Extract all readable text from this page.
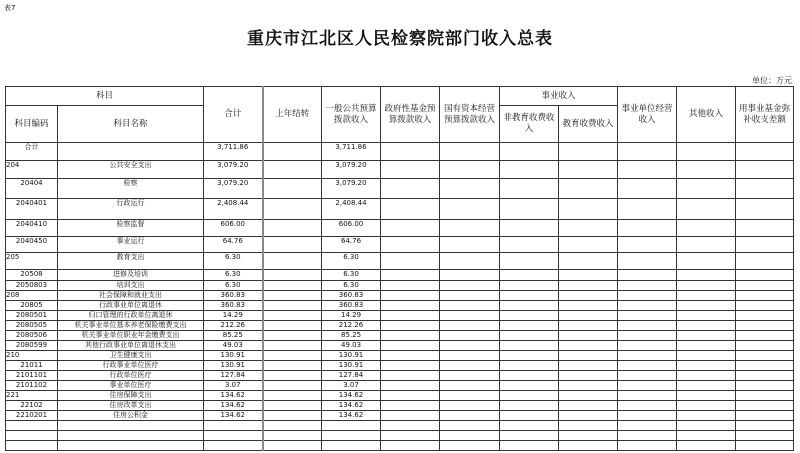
表7
重庆市江北区人民检察院部门收入总表
单位：万元
科目		合计	上年结转	一般公共预算拨款收入	政府性基金预算拨款收入	国有资本经营预算拨款收入	事业收入		事业单位经营收入	其他收入	用事业基金弥补收支差额
科目编码	科目名称						非教育收费收入	教育收费收入			
合计		3,711.86		3,711.86							
204	公共安全支出	3,079.20		3,079.20							
20404	检察	3,079.20		3,079.20							
2040401	行政运行	2,408.44		2,408.44							
2040410	检察监督	606.00		606.00							
2040450	事业运行	64.76		64.76							
205	教育支出	6.30		6.30							
20508	进修及培训	6.30		6.30							
2050803	培训支出	6.30		6.30							
208	社会保障和就业支出	360.83		360.83							
20805	行政事业单位离退休	360.83		360.83							
2080501	归口管理的行政单位离退休	14.29		14.29							
2080505	机关事业单位基本养老保险缴费支出	212.26		212.26							
2080506	机关事业单位职业年金缴费支出	85.25		85.25							
2080599	其他行政事业单位离退休支出	49.03		49.03							
210	卫生健康支出	130.91		130.91							
21011	行政事业单位医疗	130.91		130.91							
2101101	行政单位医疗	127.84		127.84							
2101102	事业单位医疗	3.07		3.07							
221	住房保障支出	134.62		134.62							
22102	住房改革支出	134.62		134.62							
2210201	住房公积金	134.62		134.62							
